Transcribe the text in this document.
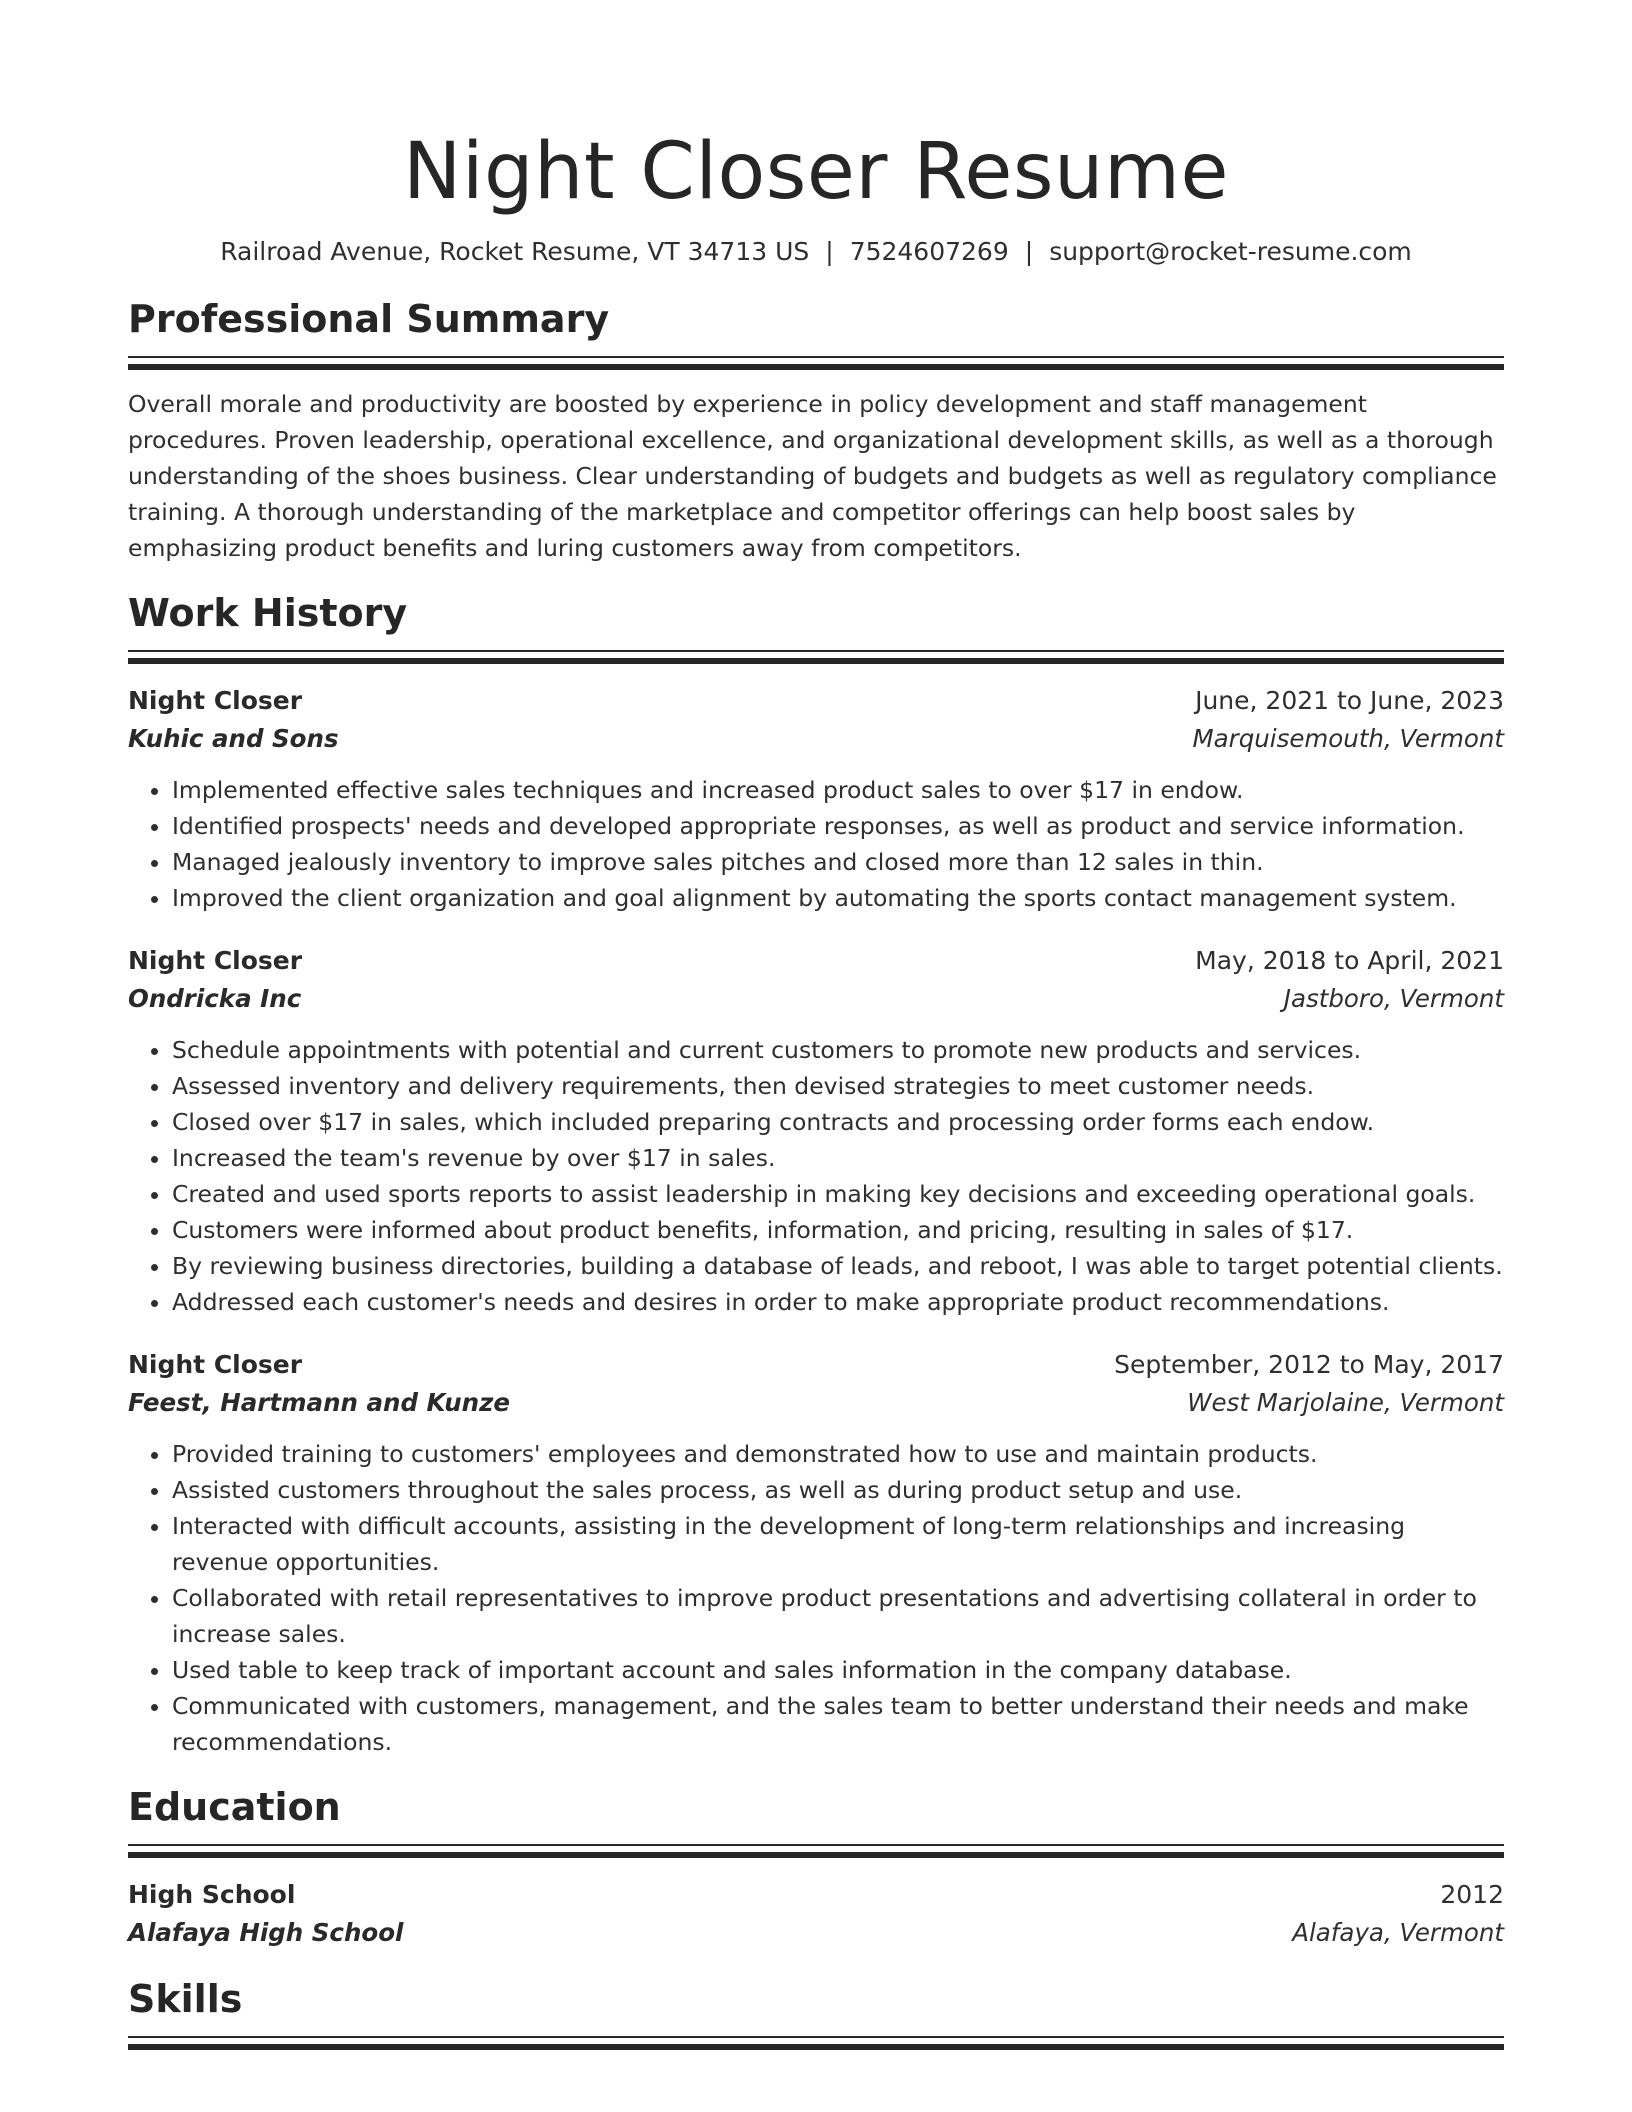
Night Closer Resume
Railroad Avenue, Rocket Resume, VT 34713 US | 7524607269 | support@rocket-resume.com
Professional Summary
Overall morale and productivity are boosted by experience in policy development and staff management procedures. Proven leadership, operational excellence, and organizational development skills, as well as a thorough understanding of the shoes business. Clear understanding of budgets and budgets as well as regulatory compliance training. A thorough understanding of the marketplace and competitor offerings can help boost sales by emphasizing product benefits and luring customers away from competitors.
Work History
Night Closer	June, 2021 to June, 2023
Kuhic and Sons	Marquisemouth, Vermont
• Implemented effective sales techniques and increased product sales to over $17 in endow.
• Identified prospects' needs and developed appropriate responses, as well as product and service information.
• Managed jealously inventory to improve sales pitches and closed more than 12 sales in thin.
• Improved the client organization and goal alignment by automating the sports contact management system.
Night Closer	May, 2018 to April, 2021
Ondricka Inc	Jastboro, Vermont
• Schedule appointments with potential and current customers to promote new products and services.
• Assessed inventory and delivery requirements, then devised strategies to meet customer needs.
• Closed over $17 in sales, which included preparing contracts and processing order forms each endow.
• Increased the team's revenue by over $17 in sales.
• Created and used sports reports to assist leadership in making key decisions and exceeding operational goals.
• Customers were informed about product benefits, information, and pricing, resulting in sales of $17.
• By reviewing business directories, building a database of leads, and reboot, I was able to target potential clients.
• Addressed each customer's needs and desires in order to make appropriate product recommendations.
Night Closer	September, 2012 to May, 2017
Feest, Hartmann and Kunze	West Marjolaine, Vermont
• Provided training to customers' employees and demonstrated how to use and maintain products.
• Assisted customers throughout the sales process, as well as during product setup and use.
• Interacted with difficult accounts, assisting in the development of long-term relationships and increasing revenue opportunities.
• Collaborated with retail representatives to improve product presentations and advertising collateral in order to increase sales.
• Used table to keep track of important account and sales information in the company database.
• Communicated with customers, management, and the sales team to better understand their needs and make recommendations.
Education
High School	2012
Alafaya High School	Alafaya, Vermont
Skills
